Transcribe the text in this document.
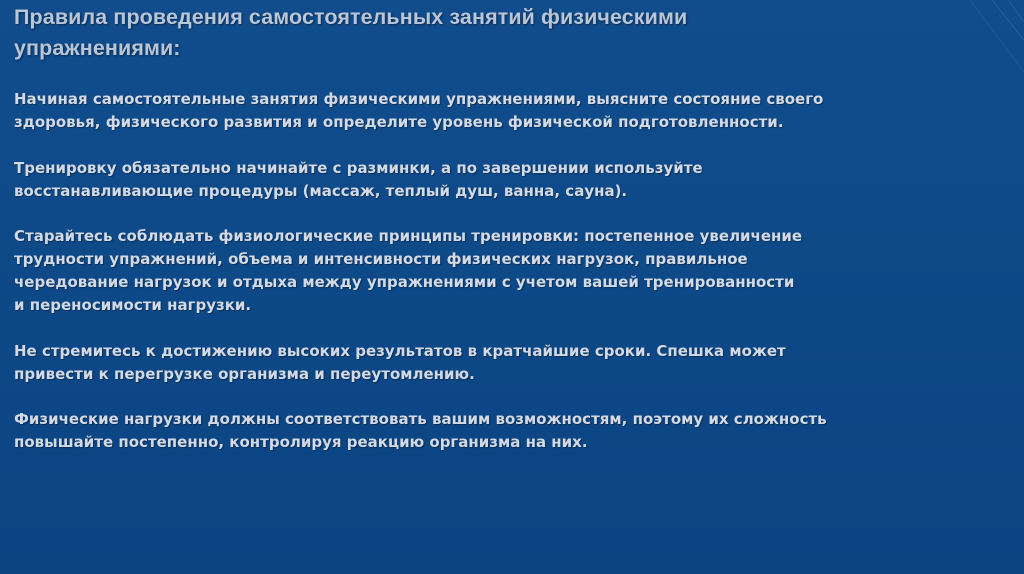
Правила проведения самостоятельных занятий физическими
упражнениями:

Начиная самостоятельные занятия физическими упражнениями, выясните состояние своего
здоровья, физического развития и определите уровень физической подготовленности.

Тренировку обязательно начинайте с разминки, а по завершении используйте
восстанавливающие процедуры (массаж, теплый душ, ванна, сауна).

Старайтесь соблюдать физиологические принципы тренировки: постепенное увеличение
трудности упражнений, объема и интенсивности физических нагрузок, правильное
чередование нагрузок и отдыха между упражнениями с учетом вашей тренированности
и переносимости нагрузки.

Не стремитесь к достижению высоких результатов в кратчайшие сроки. Спешка может
привести к перегрузке организма и переутомлению.

Физические нагрузки должны соответствовать вашим возможностям, поэтому их сложность
повышайте постепенно, контролируя реакцию организма на них.
